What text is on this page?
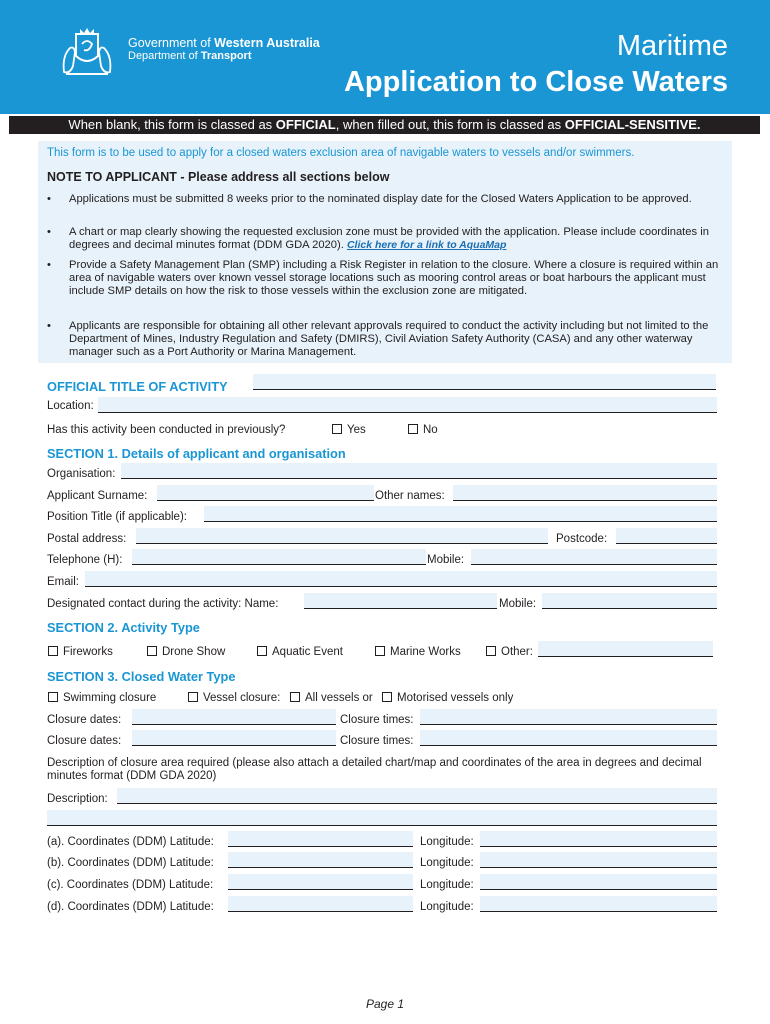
Government of Western Australia
Department of Transport	Maritime
Application to Close Waters
When blank, this form is classed as OFFICIAL, when filled out, this form is classed as OFFICIAL-SENSITIVE.
This form is to be used to apply for a closed waters exclusion area of navigable waters to vessels and/or swimmers.
NOTE TO APPLICANT - Please address all sections below
• Applications must be submitted 8 weeks prior to the nominated display date for the Closed Waters Application to be approved.
• A chart or map clearly showing the requested exclusion zone must be provided with the application. Please include coordinates in degrees and decimal minutes format (DDM GDA 2020). Click here for a link to AquaMap
• Provide a Safety Management Plan (SMP) including a Risk Register in relation to the closure. Where a closure is required within an area of navigable waters over known vessel storage locations such as mooring control areas or boat harbours the applicant must include SMP details on how the risk to those vessels within the exclusion zone are mitigated.
• Applicants are responsible for obtaining all other relevant approvals required to conduct the activity including but not limited to the Department of Mines, Industry Regulation and Safety (DMIRS), Civil Aviation Safety Authority (CASA) and any other waterway manager such as a Port Authority or Marina Management.
OFFICIAL TITLE OF ACTIVITY
Location:
Has this activity been conducted in previously?	Yes	No
SECTION 1. Details of applicant and organisation
Organisation:
Applicant Surname:	Other names:
Position Title (if applicable):
Postal address:	Postcode:
Telephone (H):	Mobile:
Email:
Designated contact during the activity: Name:	Mobile:
SECTION 2. Activity Type
Fireworks	Drone Show	Aquatic Event	Marine Works	Other:
SECTION 3. Closed Water Type
Swimming closure	Vessel closure: All vessels or Motorised vessels only
Closure dates:	Closure times:
Closure dates:	Closure times:
Description of closure area required (please also attach a detailed chart/map and coordinates of the area in degrees and decimal minutes format (DDM GDA 2020)
Description:
(a). Coordinates (DDM) Latitude:	Longitude:
(b). Coordinates (DDM) Latitude:	Longitude:
(c). Coordinates (DDM) Latitude:	Longitude:
(d). Coordinates (DDM) Latitude:	Longitude:
Page 1
